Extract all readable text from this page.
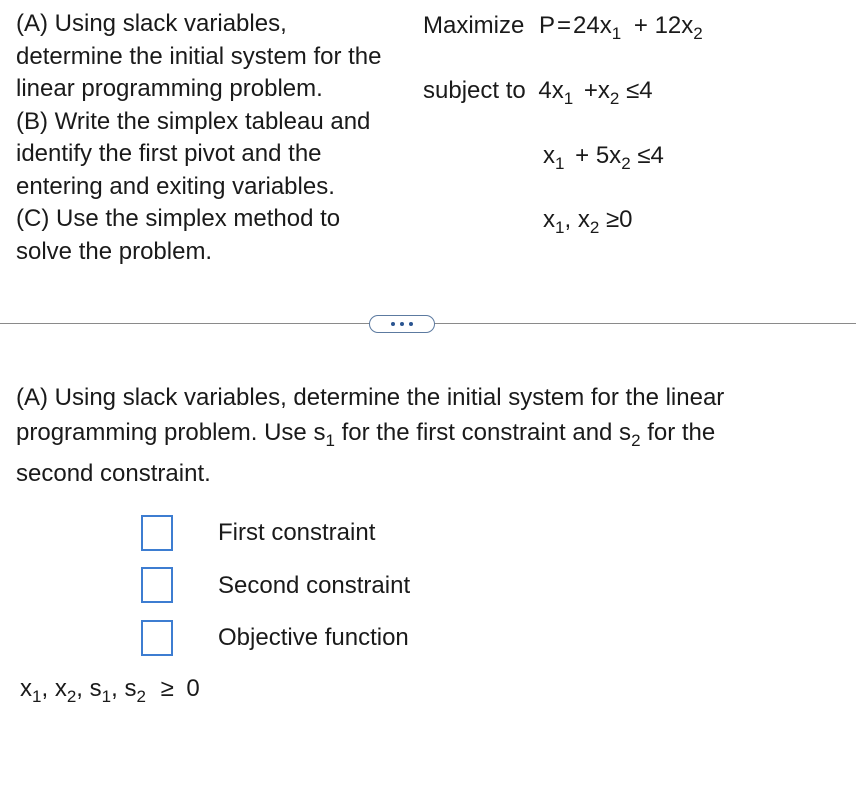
(A) Using slack variables,
determine the initial system for the
linear programming problem.
(B) Write the simplex tableau and
identify the first pivot and the
entering and exiting variables.
(C) Use the simplex method to
solve the problem.
Maximize $P=24x_1 + 12x_2$
subject to $4x_1 +x_2 \le 4$
$x_1 + 5x_2 \le 4$
$x_1$, $x_2 \ge 0$
(A) Using slack variables, determine the initial system for the linear
programming problem. Use $s_1$ for the first constraint and $s_2$ for the
second constraint.
First constraint
Second constraint
Objective function
$x_1$, $x_2$, $s_1$, $s_2 \ge 0$
